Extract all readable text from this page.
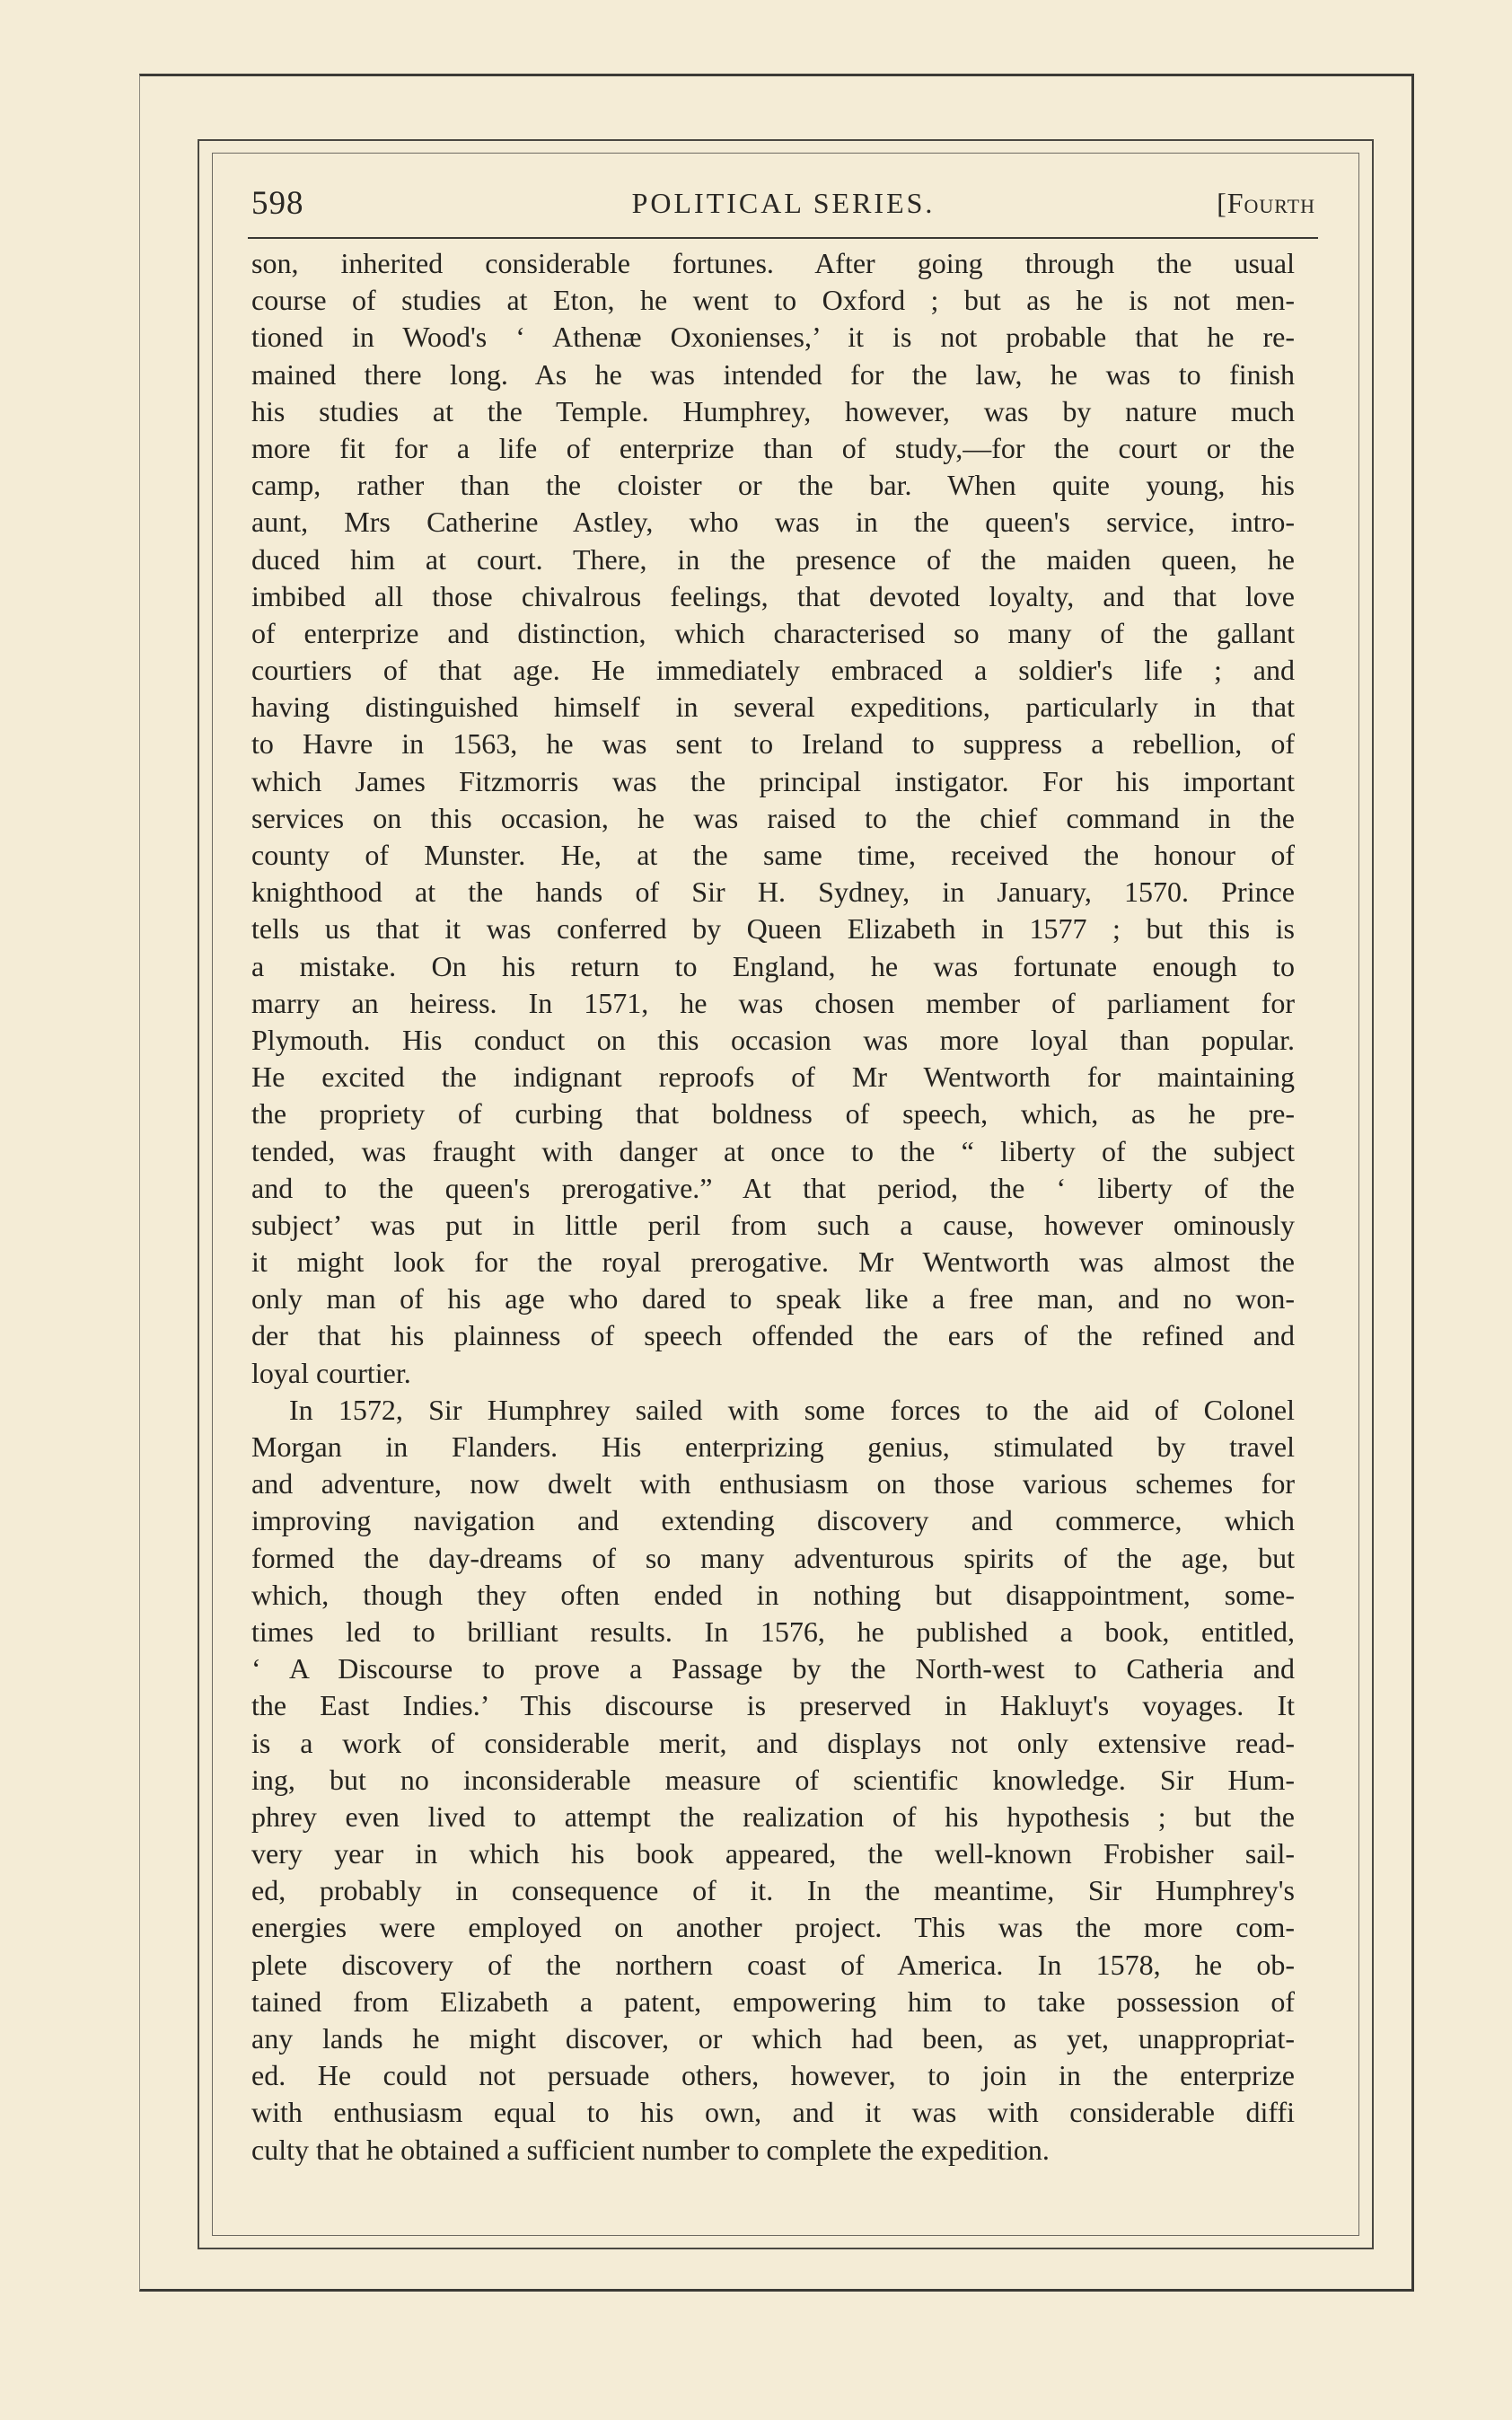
598	POLITICAL SERIES.	[Fourth
son, inherited considerable fortunes. After going through the usual
course of studies at Eton, he went to Oxford ; but as he is not men-
tioned in Wood's ‘ Athenæ Oxonienses,’ it is not probable that he re-
mained there long. As he was intended for the law, he was to finish
his studies at the Temple. Humphrey, however, was by nature much
more fit for a life of enterprize than of study,—for the court or the
camp, rather than the cloister or the bar. When quite young, his
aunt, Mrs Catherine Astley, who was in the queen's service, intro-
duced him at court. There, in the presence of the maiden queen, he
imbibed all those chivalrous feelings, that devoted loyalty, and that love
of enterprize and distinction, which characterised so many of the gallant
courtiers of that age. He immediately embraced a soldier's life ; and
having distinguished himself in several expeditions, particularly in that
to Havre in 1563, he was sent to Ireland to suppress a rebellion, of
which James Fitzmorris was the principal instigator. For his important
services on this occasion, he was raised to the chief command in the
county of Munster. He, at the same time, received the honour of
knighthood at the hands of Sir H. Sydney, in January, 1570. Prince
tells us that it was conferred by Queen Elizabeth in 1577 ; but this is
a mistake. On his return to England, he was fortunate enough to
marry an heiress. In 1571, he was chosen member of parliament for
Plymouth. His conduct on this occasion was more loyal than popular.
He excited the indignant reproofs of Mr Wentworth for maintaining
the propriety of curbing that boldness of speech, which, as he pre-
tended, was fraught with danger at once to the “ liberty of the subject
and to the queen's prerogative.” At that period, the ‘ liberty of the
subject’ was put in little peril from such a cause, however ominously
it might look for the royal prerogative. Mr Wentworth was almost the
only man of his age who dared to speak like a free man, and no won-
der that his plainness of speech offended the ears of the refined and
loyal courtier.
In 1572, Sir Humphrey sailed with some forces to the aid of Colonel
Morgan in Flanders. His enterprizing genius, stimulated by travel
and adventure, now dwelt with enthusiasm on those various schemes for
improving navigation and extending discovery and commerce, which
formed the day-dreams of so many adventurous spirits of the age, but
which, though they often ended in nothing but disappointment, some-
times led to brilliant results. In 1576, he published a book, entitled,
‘ A Discourse to prove a Passage by the North-west to Catheria and
the East Indies.’ This discourse is preserved in Hakluyt's voyages. It
is a work of considerable merit, and displays not only extensive read-
ing, but no inconsiderable measure of scientific knowledge. Sir Hum-
phrey even lived to attempt the realization of his hypothesis ; but the
very year in which his book appeared, the well-known Frobisher sail-
ed, probably in consequence of it. In the meantime, Sir Humphrey's
energies were employed on another project. This was the more com-
plete discovery of the northern coast of America. In 1578, he ob-
tained from Elizabeth a patent, empowering him to take possession of
any lands he might discover, or which had been, as yet, unappropriat-
ed. He could not persuade others, however, to join in the enterprize
with enthusiasm equal to his own, and it was with considerable diffi
culty that he obtained a sufficient number to complete the expedition.
